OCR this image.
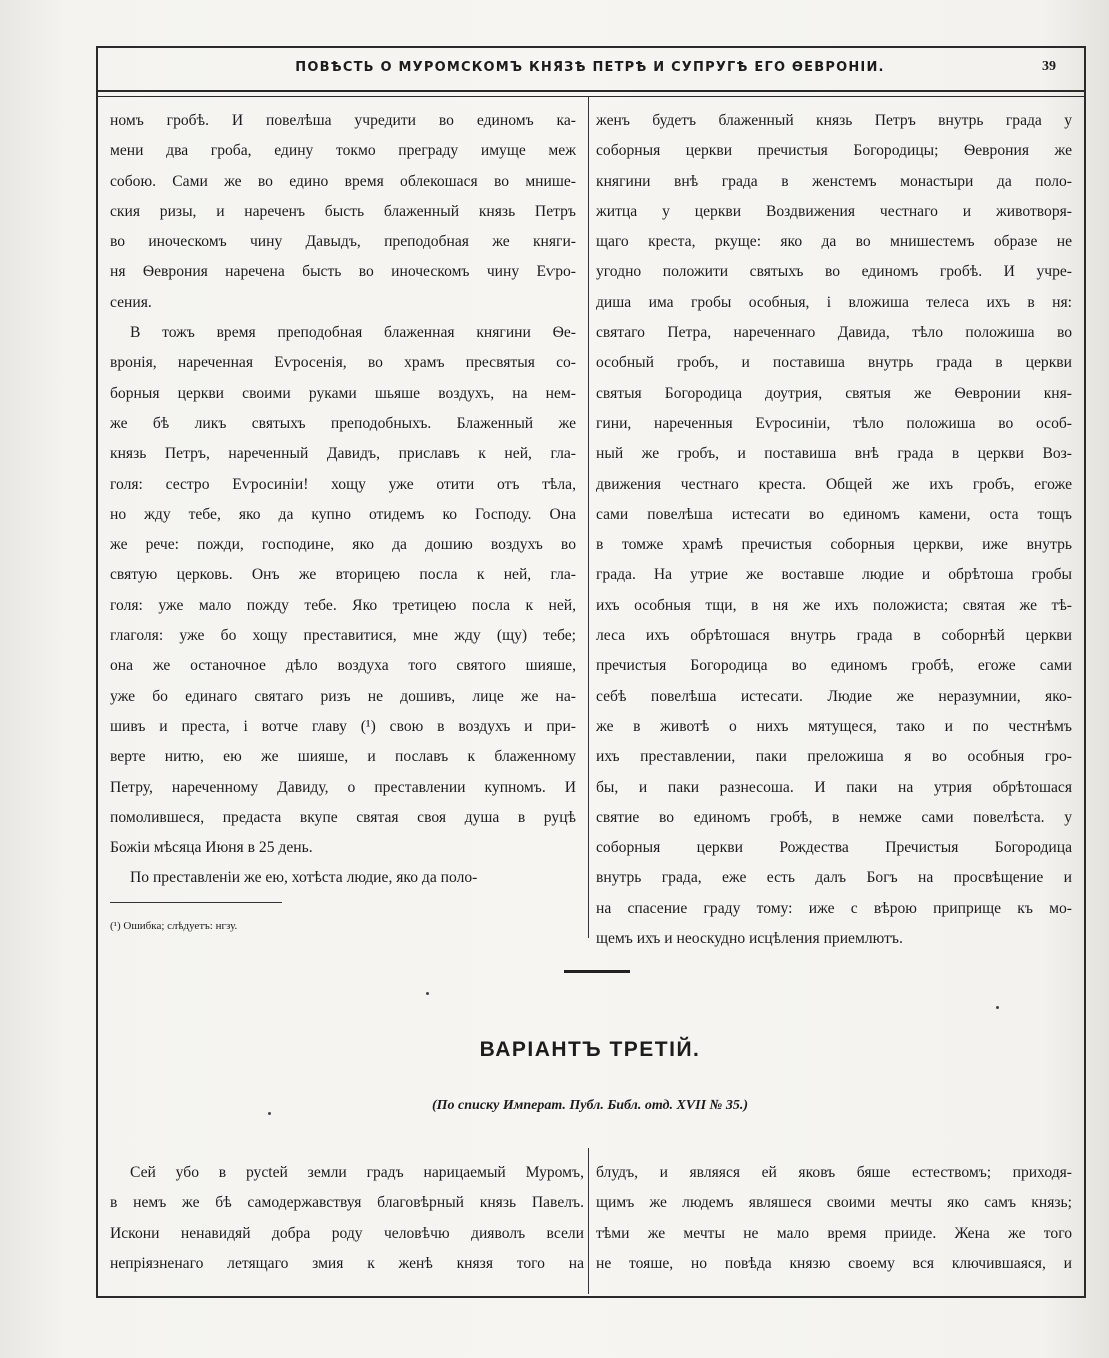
ПОВѢСТЬ О МУРОМСКОМЪ КНЯЗѢ ПЕТРѢ И СУПРУГѢ ЕГО ѲЕВРОНІИ.	39
номъ гробѣ. И повелѣша учредити во единомъ ка-
мени два гроба, едину токмо преграду имуще меж
собою. Сами же во едино время облекошася во мнише-
ския ризы, и нареченъ бысть блаженный князь Петръ
во иноческомъ чину Давыдъ, преподобная же княги-
ня Ѳеврония наречена бысть во иноческомъ чину Еѵро-
сения.
В тожъ время преподобная блаженная княгини Ѳе-
вронія, нареченная Еѵросенія, во храмъ пресвятыя со-
борныя церкви своими руками шьяше воздухъ, на нем-
же бѣ ликъ святыхъ преподобныхъ. Блаженный же
князь Петръ, нареченный Давидъ, приславъ к ней, гла-
голя: сестро Еѵросиніи! хощу уже отити отъ тѣла,
но жду тебе, яко да купно отидемъ ко Господу. Она
же рече: пожди, господине, яко да дошию воздухъ во
святую церковь. Онъ же вторицею посла к ней, гла-
голя: уже мало пожду тебе. Яко третицею посла к ней,
глаголя: уже бо хощу преставитися, мне жду (щу) тебе;
она же останочное дѣло воздуха того святого шияше,
уже бо единаго святаго ризъ не дошивъ, лице же на-
шивъ и преста, і вотче главу (¹) свою в воздухъ и при-
верте нитю, ею же шияше, и пославъ к блаженному
Петру, нареченному Давиду, о преставлении купномъ. И
помолившеся, предаста вкупе святая своя душа в руцѣ
Божіи мѣсяца Июня в 25 день.
По преставленіи же ею, хотѣста людие, яко да поло-
женъ будетъ блаженный князь Петръ внутрь града у
соборныя церкви пречистыя Богородицы; Ѳеврония же
княгини внѣ града в женстемъ монастыри да поло-
житца у церкви Воздвижения честнаго и животворя-
щаго креста, ркуще: яко да во мнишестемъ образе не
угодно положити святыхъ во единомъ гробѣ. И учре-
диша има гробы особныя, і вложиша телеса ихъ в ня:
святаго Петра, нареченнаго Давида, тѣло положиша во
особный гробъ, и поставиша внутрь града в церкви
святыя Богородица доутрия, святыя же Ѳевронии кня-
гини, нареченныя Еѵросиніи, тѣло положиша во особ-
ный же гробъ, и поставиша внѣ града в церкви Воз-
движения честнаго креста. Общей же ихъ гробъ, егоже
сами повелѣша истесати во единомъ камени, оста тощъ
в томже храмѣ пречистыя соборныя церкви, иже внутрь
града. На утрие же воставше людие и обрѣтоша гробы
ихъ особныя тщи, в ня же ихъ положиста; святая же тѣ-
леса ихъ обрѣтошася внутрь града в соборнѣй церкви
пречистыя Богородица во единомъ гробѣ, егоже сами
себѣ повелѣша истесати. Людие же неразумнии, яко-
же в животѣ о нихъ мятущеся, тако и по честнѣмъ
ихъ преставлении, паки преложиша я во особныя гро-
бы, и паки разнесоша. И паки на утрия обрѣтошася
святие во единомъ гробѣ, в немже сами повелѣста. у
соборныя церкви Рождества Пречистыя Богородица
внутрь града, еже есть далъ Богъ на просвѣщение и
на спасение граду тому: иже с вѣрою приприще къ мо-
щемъ ихъ и неоскудно исцѣления приемлютъ.
(¹) Ошибка; слѣдуетъ: нгзу.
ВАРІАНТЪ ТРЕТІЙ.
(По списку Импеpат. Публ. Библ. отд. XVII № 35.)
Сей убо в русtей земли градъ нарицаемый Муромъ,
в немъ же бѣ самодержавствуя благовѣрный князь Павелъ.
Искони ненавидяй добра роду человѣчю дияволъ всели
непріязненаго летящаго змия к женѣ князя того на
блудъ, и являяся ей яковъ бяше естествомъ; приходя-
щимъ же людемъ являшеся своими мечты яко самъ князь;
тѣми же мечты не мало время прииде. Жена же того
не тояше, но повѣда князю своему вся ключившаяся, и
